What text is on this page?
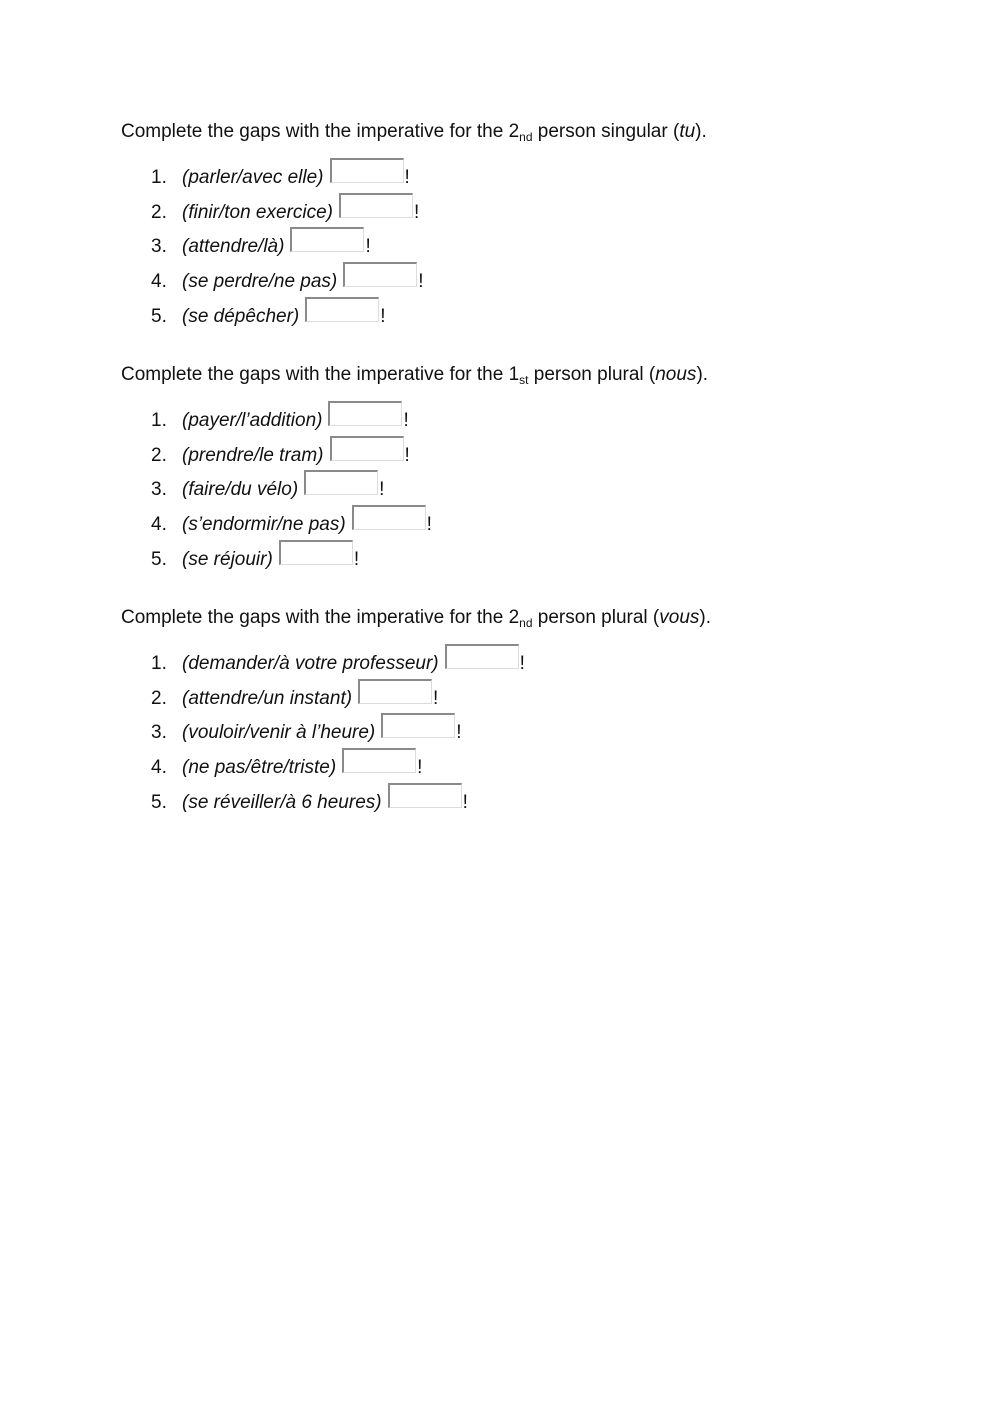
Complete the gaps with the imperative for the $2_{nd}$ person singular (tu).

1. (parler/avec elle)	!
2. (finir/ton exercice)	!
3. (attendre/là)	!
4. (se perdre/ne pas)	!
5. (se dépêcher)	!

Complete the gaps with the imperative for the $1_{st}$ person plural (nous).

1. (payer/l’addition)	!
2. (prendre/le tram)	!
3. (faire/du vélo)	!
4. (s’endormir/ne pas)	!
5. (se réjouir)	!

Complete the gaps with the imperative for the $2_{nd}$ person plural (vous).

1. (demander/à votre professeur)	!
2. (attendre/un instant)	!
3. (vouloir/venir à l’heure)	!
4. (ne pas/être/triste)	!
5. (se réveiller/à 6 heures)	!
